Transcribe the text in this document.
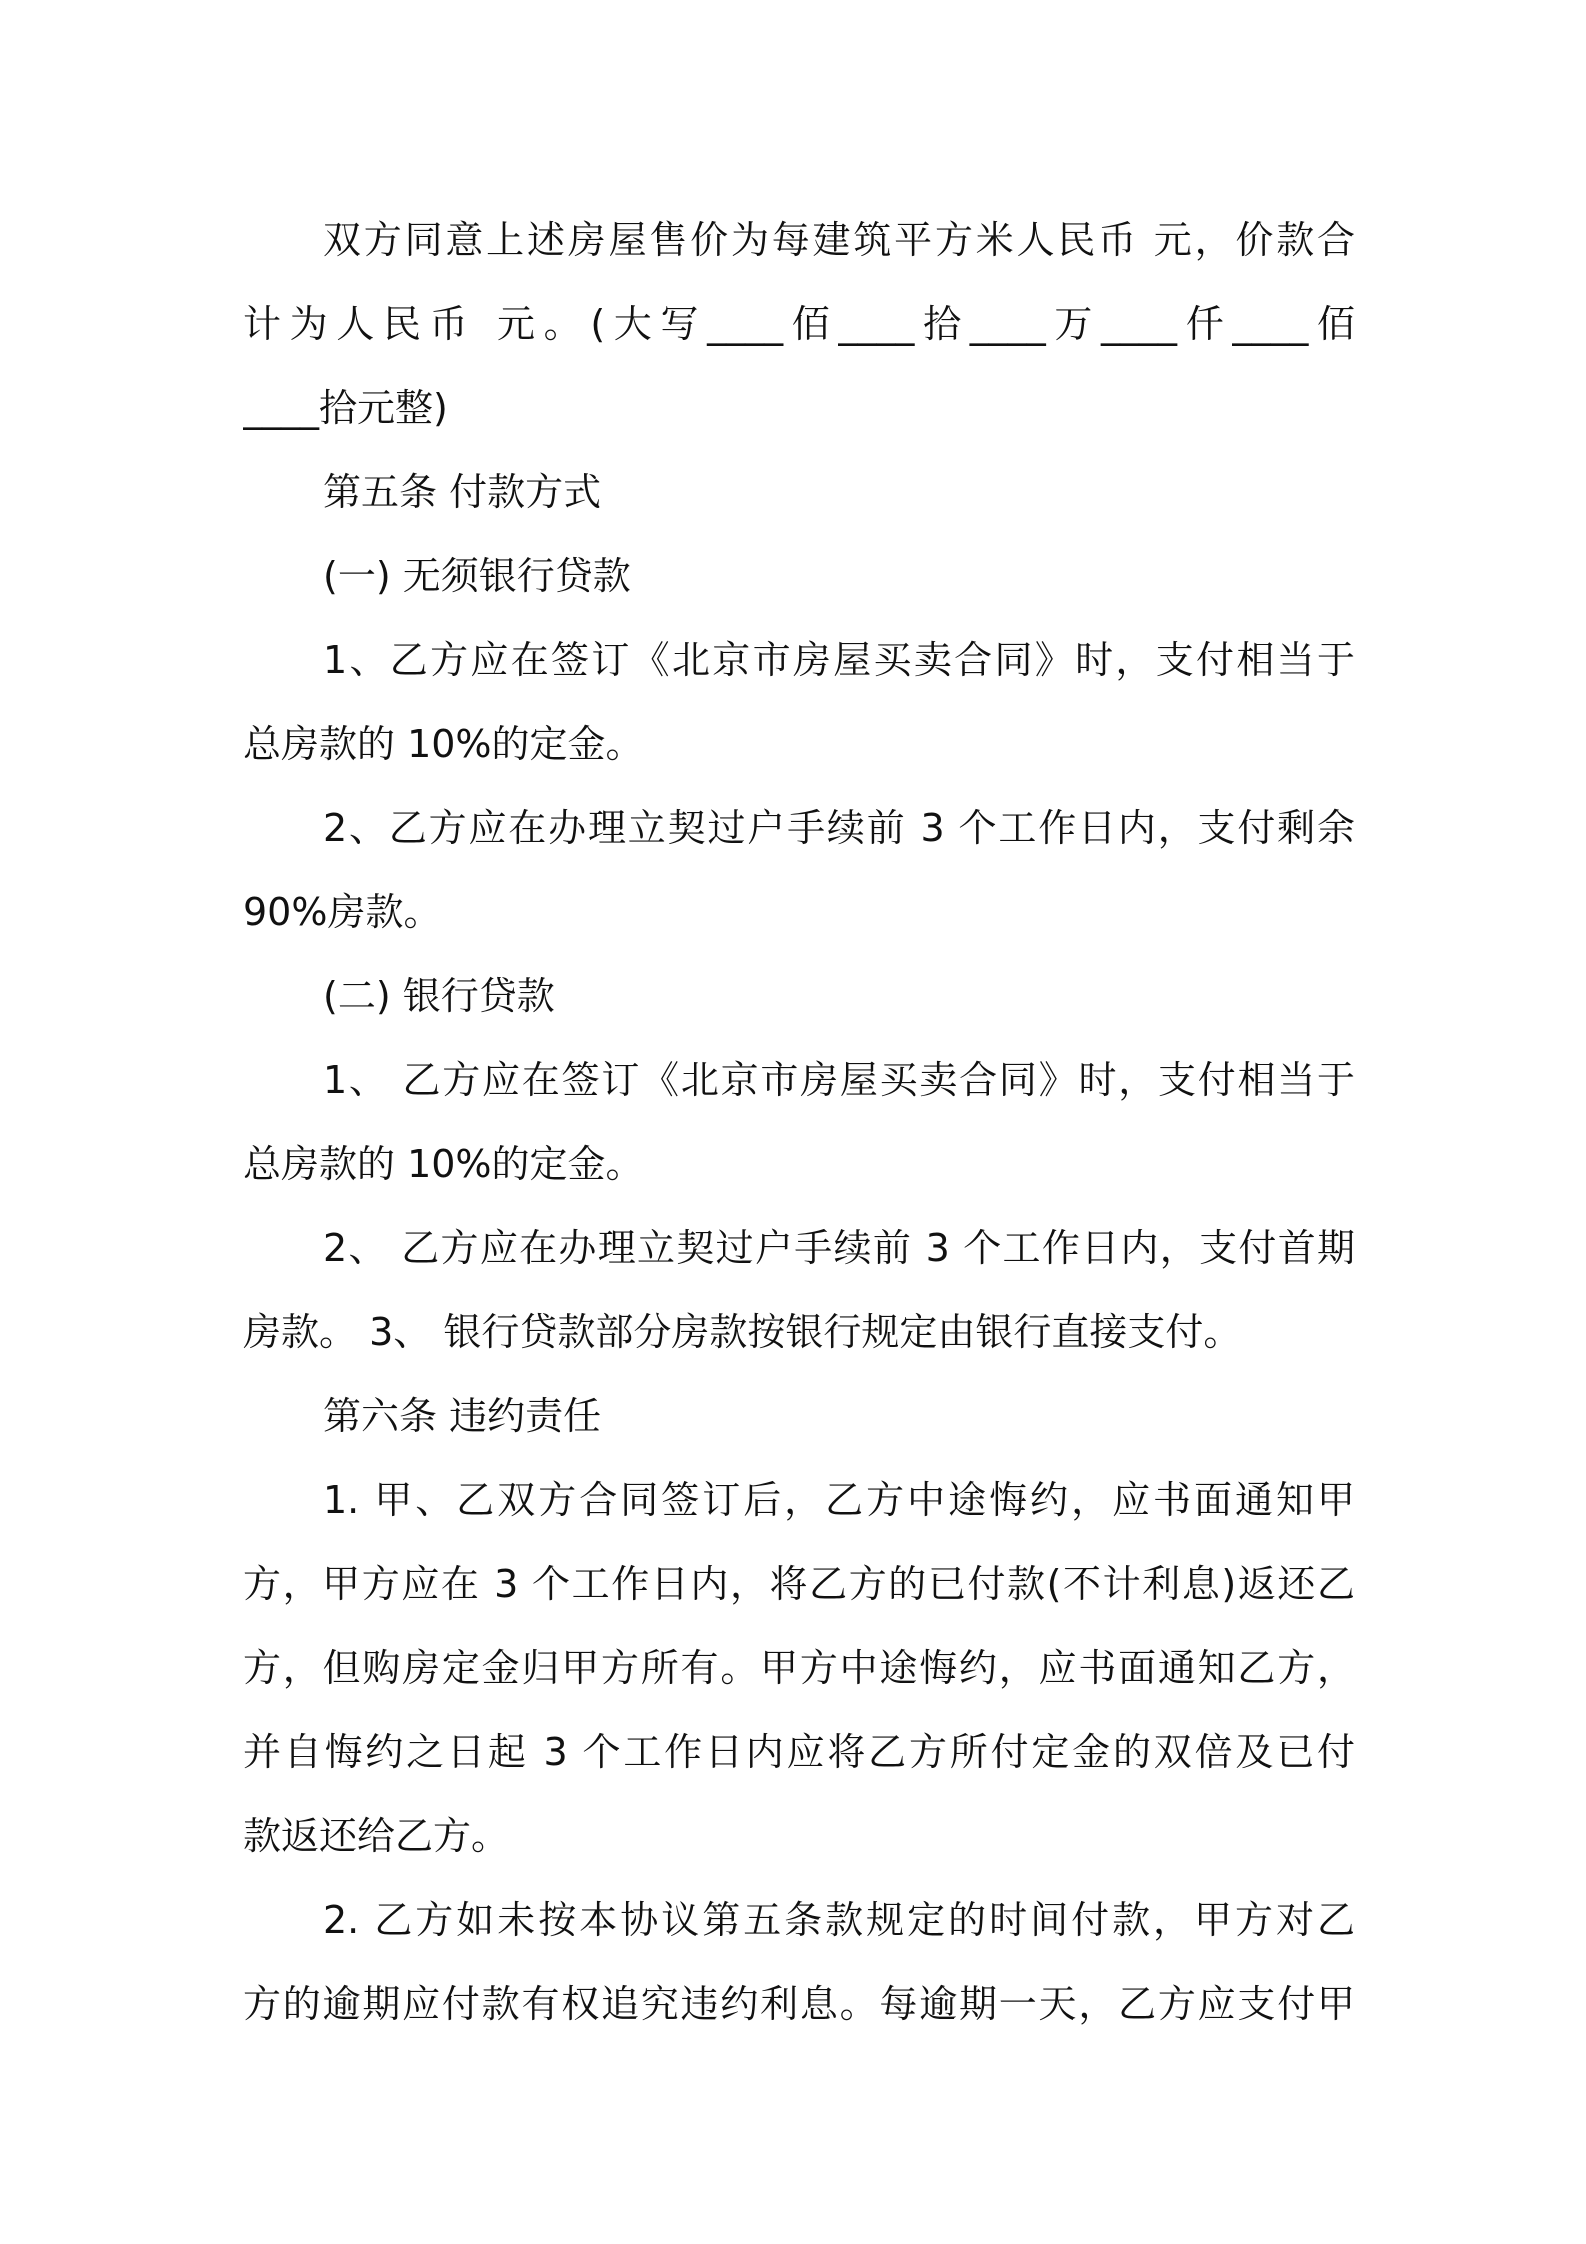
双方同意上述房屋售价为每建筑平方米人民币 元，价款合
计为人民币 元。(大写____佰____拾____万____仟____佰
____拾元整)
第五条 付款方式
(一) 无须银行贷款
1、乙方应在签订《北京市房屋买卖合同》时，支付相当于
总房款的 10%的定金。
2、乙方应在办理立契过户手续前 3 个工作日内，支付剩余
90%房款。
(二) 银行贷款
1、 乙方应在签订《北京市房屋买卖合同》时，支付相当于
总房款的 10%的定金。
2、 乙方应在办理立契过户手续前 3 个工作日内，支付首期
房款。 3、 银行贷款部分房款按银行规定由银行直接支付。
第六条 违约责任
1. 甲、乙双方合同签订后，乙方中途悔约，应书面通知甲
方，甲方应在 3 个工作日内，将乙方的已付款(不计利息)返还乙
方，但购房定金归甲方所有。甲方中途悔约，应书面通知乙方，
并自悔约之日起 3 个工作日内应将乙方所付定金的双倍及已付
款返还给乙方。
2. 乙方如未按本协议第五条款规定的时间付款，甲方对乙
方的逾期应付款有权追究违约利息。每逾期一天，乙方应支付甲
